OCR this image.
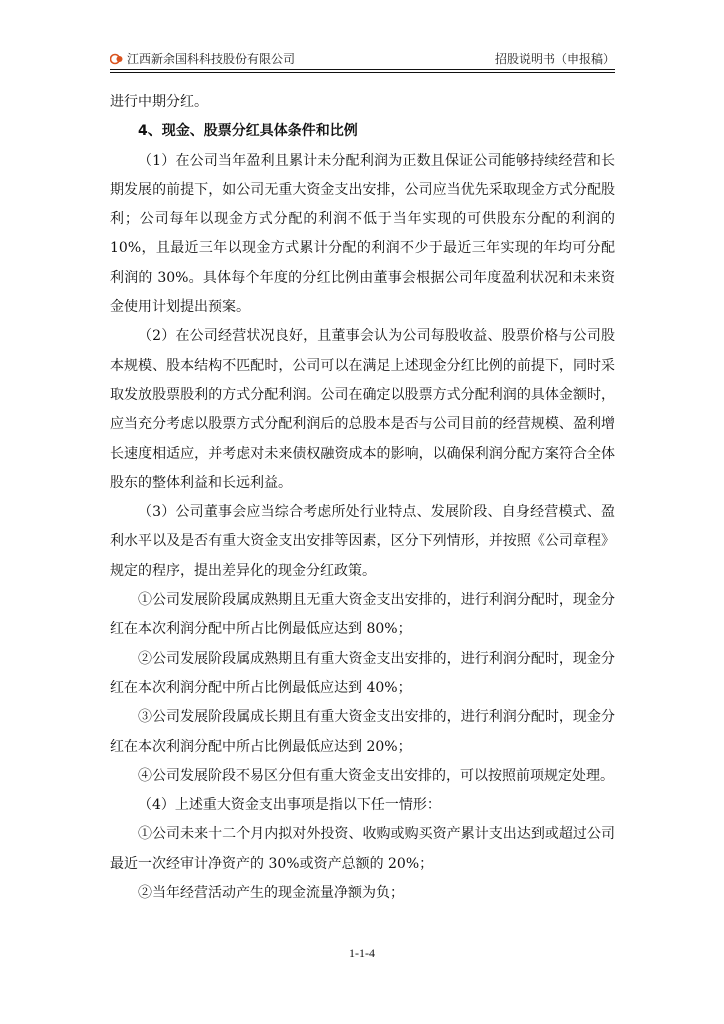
江西新余国科科技股份有限公司	招股说明书（申报稿）

进行中期分红。

4、现金、股票分红具体条件和比例

（1）在公司当年盈利且累计未分配利润为正数且保证公司能够持续经营和长期发展的前提下，如公司无重大资金支出安排，公司应当优先采取现金方式分配股利；公司每年以现金方式分配的利润不低于当年实现的可供股东分配的利润的 10%，且最近三年以现金方式累计分配的利润不少于最近三年实现的年均可分配利润的 30%。具体每个年度的分红比例由董事会根据公司年度盈利状况和未来资金使用计划提出预案。

（2）在公司经营状况良好，且董事会认为公司每股收益、股票价格与公司股本规模、股本结构不匹配时，公司可以在满足上述现金分红比例的前提下，同时采取发放股票股利的方式分配利润。公司在确定以股票方式分配利润的具体金额时，应当充分考虑以股票方式分配利润后的总股本是否与公司目前的经营规模、盈利增长速度相适应，并考虑对未来债权融资成本的影响，以确保利润分配方案符合全体股东的整体利益和长远利益。

（3）公司董事会应当综合考虑所处行业特点、发展阶段、自身经营模式、盈利水平以及是否有重大资金支出安排等因素，区分下列情形，并按照《公司章程》规定的程序，提出差异化的现金分红政策。

①公司发展阶段属成熟期且无重大资金支出安排的，进行利润分配时，现金分红在本次利润分配中所占比例最低应达到 80%；

②公司发展阶段属成熟期且有重大资金支出安排的，进行利润分配时，现金分红在本次利润分配中所占比例最低应达到 40%；

③公司发展阶段属成长期且有重大资金支出安排的，进行利润分配时，现金分红在本次利润分配中所占比例最低应达到 20%；

④公司发展阶段不易区分但有重大资金支出安排的，可以按照前项规定处理。

（4）上述重大资金支出事项是指以下任一情形：

①公司未来十二个月内拟对外投资、收购或购买资产累计支出达到或超过公司最近一次经审计净资产的 30%或资产总额的 20%；

②当年经营活动产生的现金流量净额为负；

1-1-4
